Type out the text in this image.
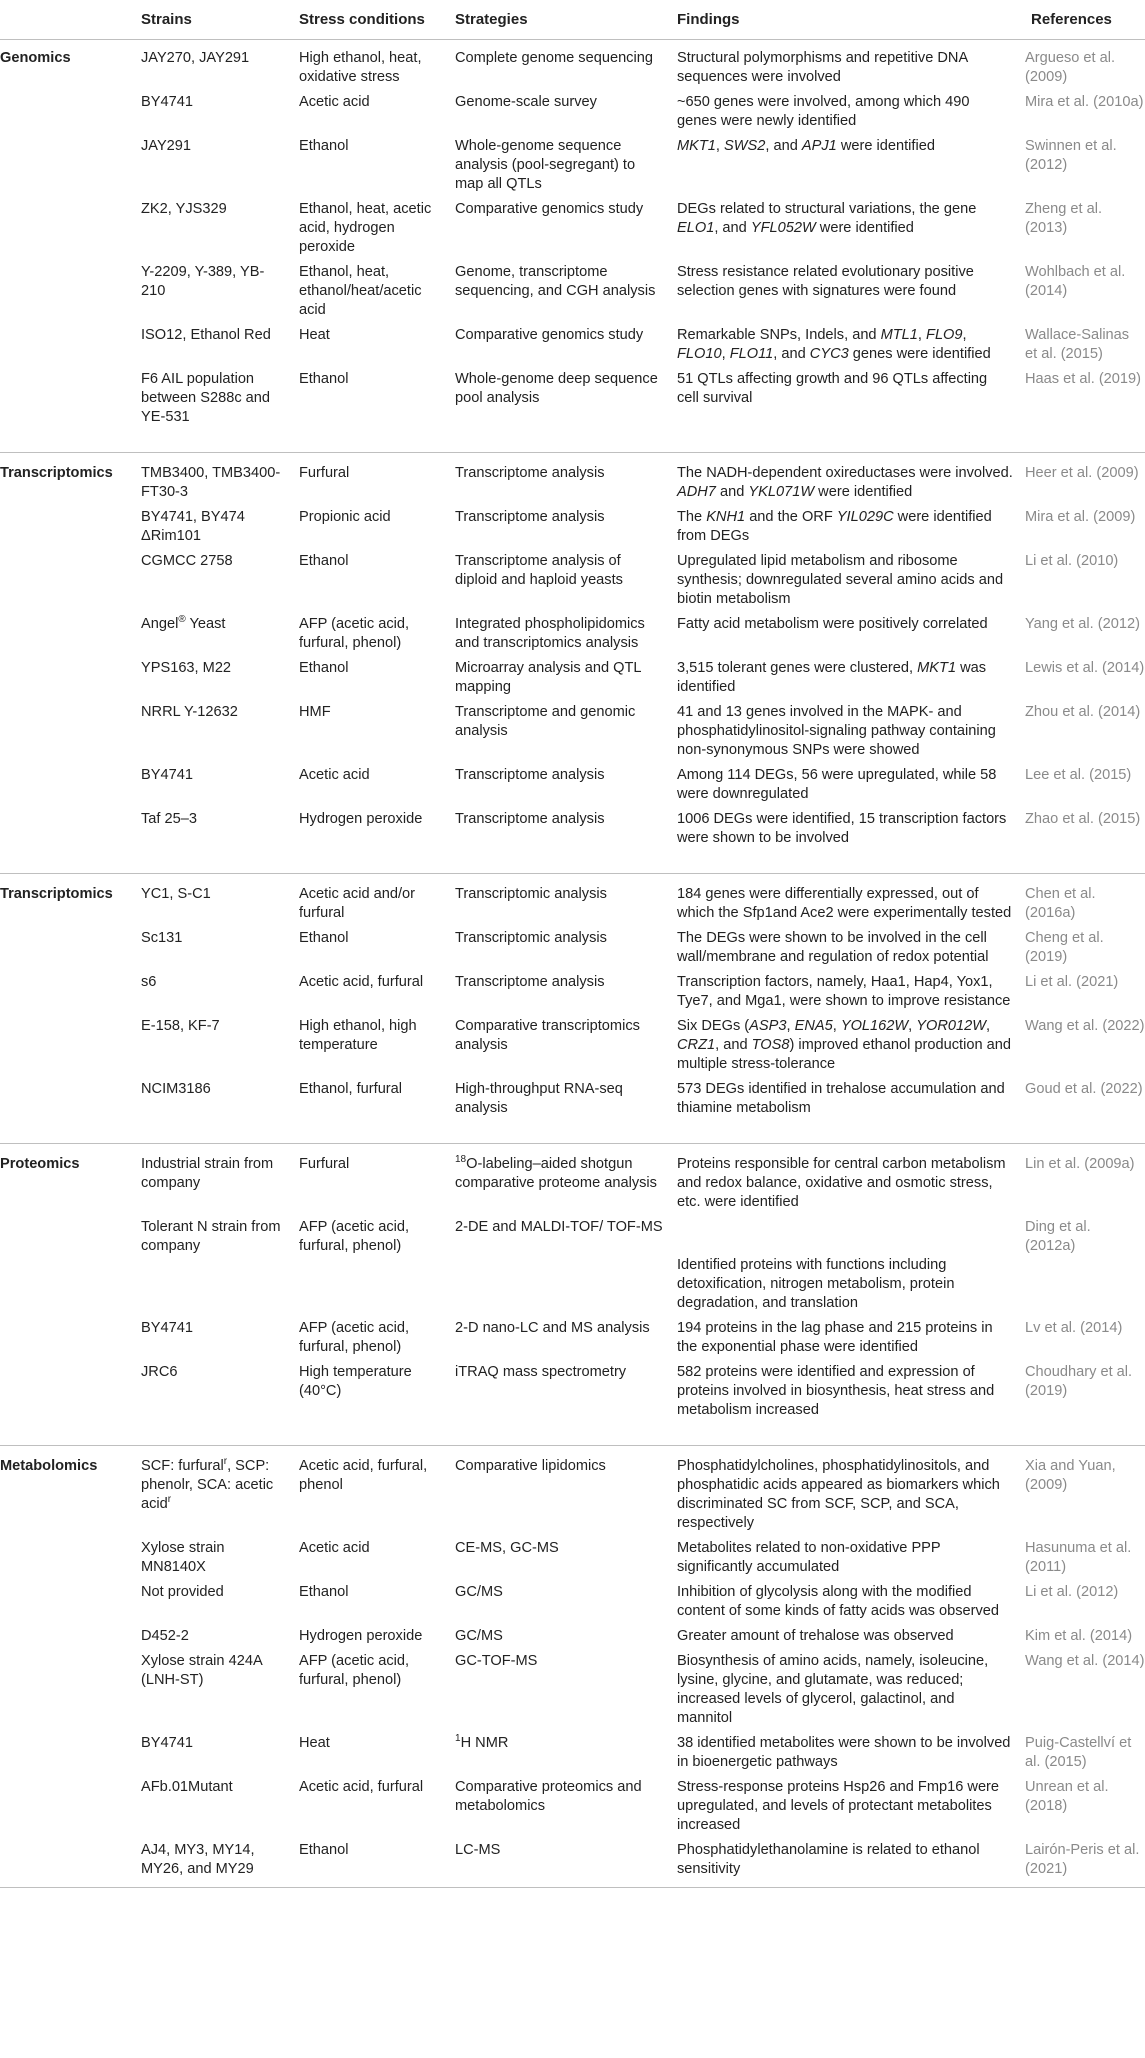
	Strains	Stress conditions	Strategies	Findings	References

Genomics	JAY270, JAY291	High ethanol, heat, oxidative stress	Complete genome sequencing	Structural polymorphisms and repetitive DNA sequences were involved	Argueso et al. (2009)
	BY4741	Acetic acid	Genome-scale survey	~650 genes were involved, among which 490 genes were newly identified	Mira et al. (2010a)
	JAY291	Ethanol	Whole-genome sequence analysis (pool-segregant) to map all QTLs	MKT1, SWS2, and APJ1 were identified	Swinnen et al. (2012)
	ZK2, YJS329	Ethanol, heat, acetic acid, hydrogen peroxide	Comparative genomics study	DEGs related to structural variations, the gene ELO1, and YFL052W were identified	Zheng et al. (2013)
	Y-2209, Y-389, YB-210	Ethanol, heat, ethanol/heat/acetic acid	Genome, transcriptome sequencing, and CGH analysis	Stress resistance related evolutionary positive selection genes with signatures were found	Wohlbach et al. (2014)
	ISO12, Ethanol Red	Heat	Comparative genomics study	Remarkable SNPs, Indels, and MTL1, FLO9, FLO10, FLO11, and CYC3 genes were identified	Wallace-Salinas et al. (2015)
	F6 AIL population between S288c and YE-531	Ethanol	Whole-genome deep sequence pool analysis	51 QTLs affecting growth and 96 QTLs affecting cell survival	Haas et al. (2019)

Transcriptomics	TMB3400, TMB3400-FT30-3	Furfural	Transcriptome analysis	The NADH-dependent oxireductases were involved. ADH7 and YKL071W were identified	Heer et al. (2009)
	BY4741, BY474 ΔRim101	Propionic acid	Transcriptome analysis	The KNH1 and the ORF YIL029C were identified from DEGs	Mira et al. (2009)
	CGMCC 2758	Ethanol	Transcriptome analysis of diploid and haploid yeasts	Upregulated lipid metabolism and ribosome synthesis; downregulated several amino acids and biotin metabolism	Li et al. (2010)
	Angel® Yeast	AFP (acetic acid, furfural, phenol)	Integrated phospholipidomics and transcriptomics analysis	Fatty acid metabolism were positively correlated	Yang et al. (2012)
	YPS163, M22	Ethanol	Microarray analysis and QTL mapping	3,515 tolerant genes were clustered, MKT1 was identified	Lewis et al. (2014)
	NRRL Y-12632	HMF	Transcriptome and genomic analysis	41 and 13 genes involved in the MAPK- and phosphatidylinositol-signaling pathway containing non-synonymous SNPs were showed	Zhou et al. (2014)
	BY4741	Acetic acid	Transcriptome analysis	Among 114 DEGs, 56 were upregulated, while 58 were downregulated	Lee et al. (2015)
	Taf 25–3	Hydrogen peroxide	Transcriptome analysis	1006 DEGs were identified, 15 transcription factors were shown to be involved	Zhao et al. (2015)

Transcriptomics	YC1, S-C1	Acetic acid and/or furfural	Transcriptomic analysis	184 genes were differentially expressed, out of which the Sfp1and Ace2 were experimentally tested	Chen et al. (2016a)
	Sc131	Ethanol	Transcriptomic analysis	The DEGs were shown to be involved in the cell wall/membrane and regulation of redox potential	Cheng et al. (2019)
	s6	Acetic acid, furfural	Transcriptome analysis	Transcription factors, namely, Haa1, Hap4, Yox1, Tye7, and Mga1, were shown to improve resistance	Li et al. (2021)
	E-158, KF-7	High ethanol, high temperature	Comparative transcriptomics analysis	Six DEGs (ASP3, ENA5, YOL162W, YOR012W, CRZ1, and TOS8) improved ethanol production and multiple stress-tolerance	Wang et al. (2022)
	NCIM3186	Ethanol, furfural	High-throughput RNA-seq analysis	573 DEGs identified in trehalose accumulation and thiamine metabolism	Goud et al. (2022)

Proteomics	Industrial strain from company	Furfural	$^{18}$O-labeling–aided shotgun comparative proteome analysis	Proteins responsible for central carbon metabolism and redox balance, oxidative and osmotic stress, etc. were identified	Lin et al. (2009a)
	Tolerant N strain from company	AFP (acetic acid, furfural, phenol)	2-DE and MALDI-TOF/ TOF-MS	Identified proteins with functions including detoxification, nitrogen metabolism, protein degradation, and translation	Ding et al. (2012a)
	BY4741	AFP (acetic acid, furfural, phenol)	2-D nano-LC and MS analysis	194 proteins in the lag phase and 215 proteins in the exponential phase were identified	Lv et al. (2014)
	JRC6	High temperature (40°C)	iTRAQ mass spectrometry	582 proteins were identified and expression of proteins involved in biosynthesis, heat stress and metabolism increased	Choudhary et al. (2019)

Metabolomics	SCF: furfural$^r$, SCP: phenolr, SCA: acetic acid$^r$	Acetic acid, furfural, phenol	Comparative lipidomics	Phosphatidylcholines, phosphatidylinositols, and phosphatidic acids appeared as biomarkers which discriminated SC from SCF, SCP, and SCA, respectively	Xia and Yuan, (2009)
	Xylose strain MN8140X	Acetic acid	CE-MS, GC-MS	Metabolites related to non-oxidative PPP significantly accumulated	Hasunuma et al. (2011)
	Not provided	Ethanol	GC/MS	Inhibition of glycolysis along with the modified content of some kinds of fatty acids was observed	Li et al. (2012)
	D452-2	Hydrogen peroxide	GC/MS	Greater amount of trehalose was observed	Kim et al. (2014)
	Xylose strain 424A (LNH-ST)	AFP (acetic acid, furfural, phenol)	GC-TOF-MS	Biosynthesis of amino acids, namely, isoleucine, lysine, glycine, and glutamate, was reduced; increased levels of glycerol, galactinol, and mannitol	Wang et al. (2014)
	BY4741	Heat	$^1$H NMR	38 identified metabolites were shown to be involved in bioenergetic pathways	Puig-Castellví et al. (2015)
	AFb.01Mutant	Acetic acid, furfural	Comparative proteomics and metabolomics	Stress-response proteins Hsp26 and Fmp16 were upregulated, and levels of protectant metabolites increased	Unrean et al. (2018)
	AJ4, MY3, MY14, MY26, and MY29	Ethanol	LC-MS	Phosphatidylethanolamine is related to ethanol sensitivity	Lairón-Peris et al. (2021)
